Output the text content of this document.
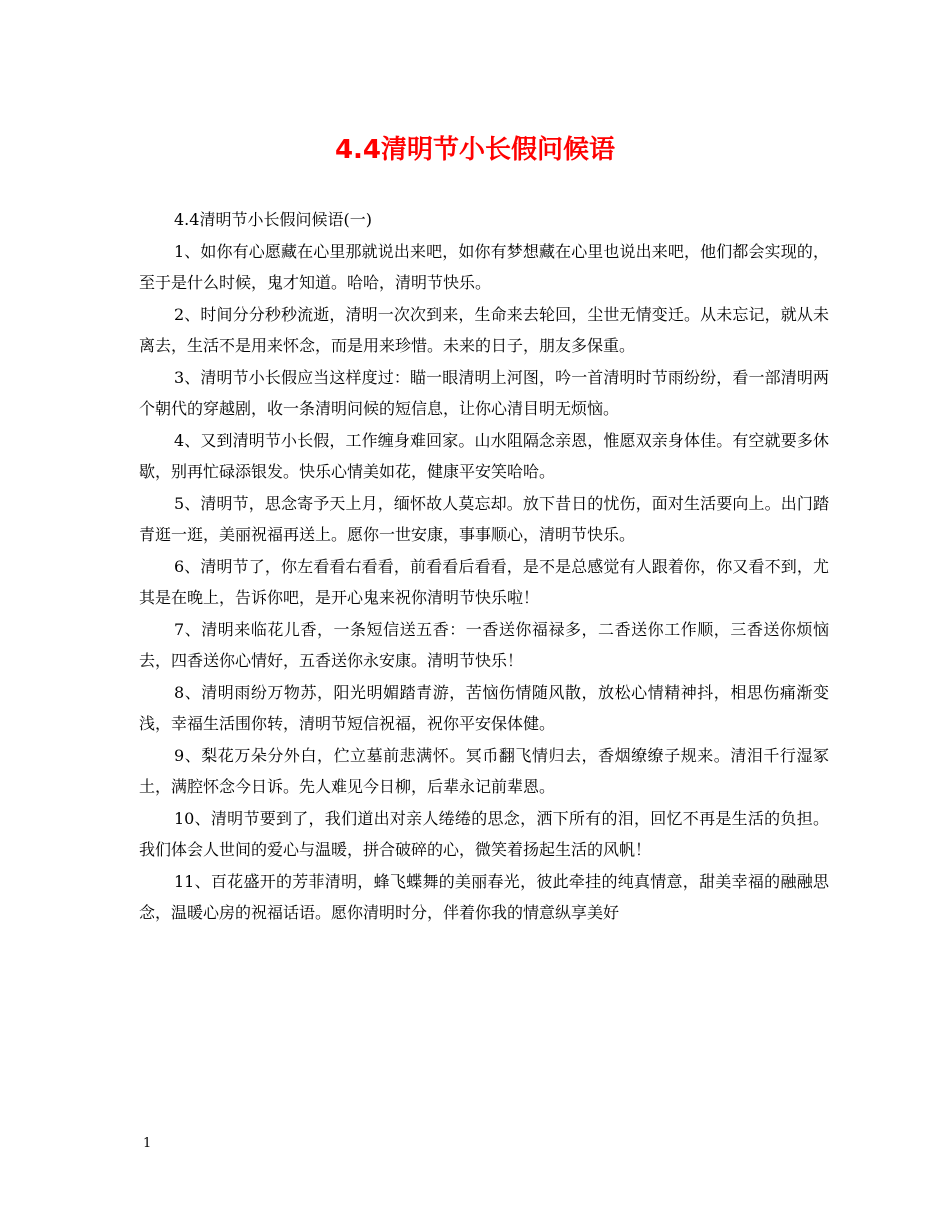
4.4清明节小长假问候语

4.4清明节小长假问候语(一)

1、如你有心愿藏在心里那就说出来吧，如你有梦想藏在心里也说出来吧，他们都会实现的，至于是什么时候，鬼才知道。哈哈，清明节快乐。

2、时间分分秒秒流逝，清明一次次到来，生命来去轮回，尘世无情变迁。从未忘记，就从未离去，生活不是用来怀念，而是用来珍惜。未来的日子，朋友多保重。

3、清明节小长假应当这样度过：瞄一眼清明上河图，吟一首清明时节雨纷纷，看一部清明两个朝代的穿越剧，收一条清明问候的短信息，让你心清目明无烦恼。

4、又到清明节小长假，工作缠身难回家。山水阻隔念亲恩，惟愿双亲身体佳。有空就要多休歇，别再忙碌添银发。快乐心情美如花，健康平安笑哈哈。

5、清明节，思念寄予天上月，缅怀故人莫忘却。放下昔日的忧伤，面对生活要向上。出门踏青逛一逛，美丽祝福再送上。愿你一世安康，事事顺心，清明节快乐。

6、清明节了，你左看看右看看，前看看后看看，是不是总感觉有人跟着你，你又看不到，尤其是在晚上，告诉你吧，是开心鬼来祝你清明节快乐啦！

7、清明来临花儿香，一条短信送五香：一香送你福禄多，二香送你工作顺，三香送你烦恼去，四香送你心情好，五香送你永安康。清明节快乐！

8、清明雨纷万物苏，阳光明媚踏青游，苦恼伤情随风散，放松心情精神抖，相思伤痛渐变浅，幸福生活围你转，清明节短信祝福，祝你平安保体健。

9、梨花万朵分外白，伫立墓前悲满怀。冥币翻飞情归去，香烟缭缭子规来。清泪千行湿冢土，满腔怀念今日诉。先人难见今日柳，后辈永记前辈恩。

10、清明节要到了，我们道出对亲人绻绻的思念，洒下所有的泪，回忆不再是生活的负担。我们体会人世间的爱心与温暖，拼合破碎的心，微笑着扬起生活的风帆！

11、百花盛开的芳菲清明，蜂飞蝶舞的美丽春光，彼此牵挂的纯真情意，甜美幸福的融融思念，温暖心房的祝福话语。愿你清明时分，伴着你我的情意纵享美好

1
